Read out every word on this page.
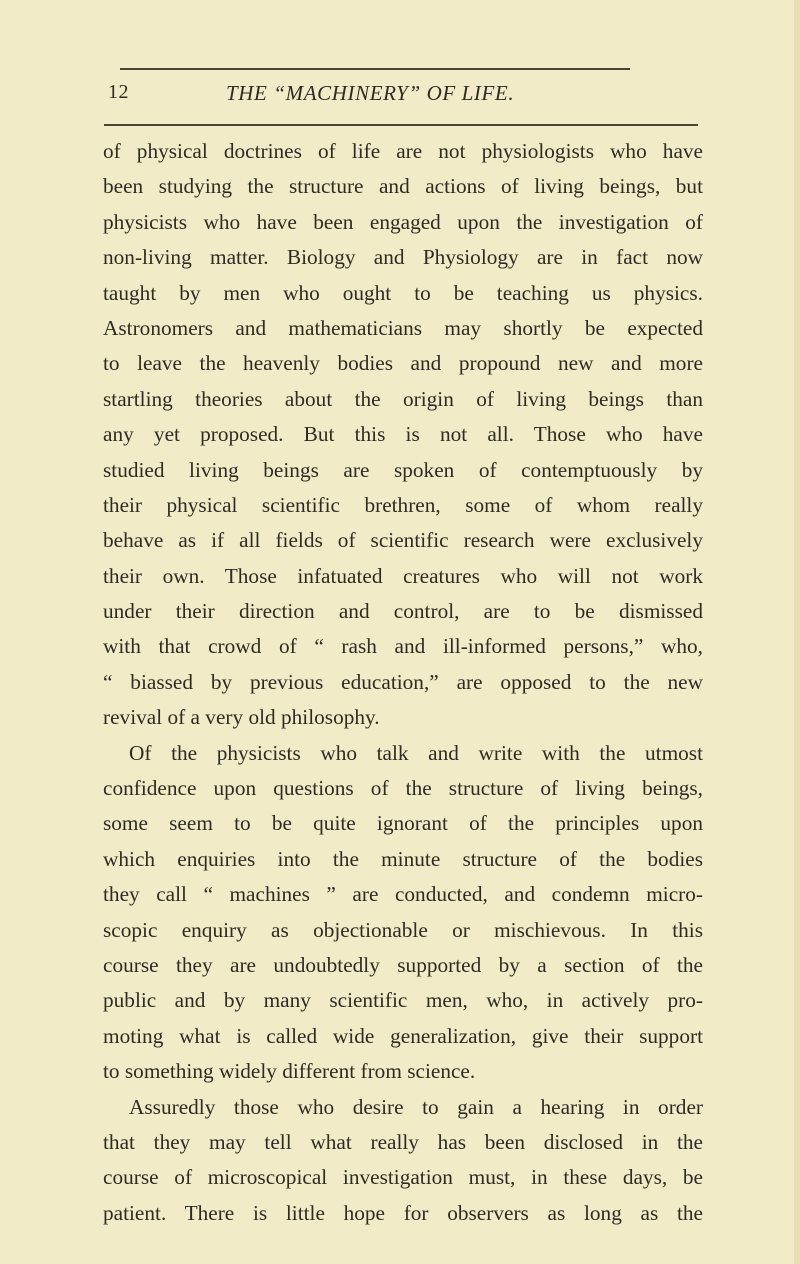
12	THE “MACHINERY” OF LIFE.
of physical doctrines of life are not physiologists who have
been studying the structure and actions of living beings, but
physicists who have been engaged upon the investigation of
non-living matter. Biology and Physiology are in fact now
taught by men who ought to be teaching us physics.
Astronomers and mathematicians may shortly be expected
to leave the heavenly bodies and propound new and more
startling theories about the origin of living beings than
any yet proposed. But this is not all. Those who have
studied living beings are spoken of contemptuously by
their physical scientific brethren, some of whom really
behave as if all fields of scientific research were exclusively
their own. Those infatuated creatures who will not work
under their direction and control, are to be dismissed
with that crowd of “ rash and ill-informed persons,” who,
“ biassed by previous education,” are opposed to the new
revival of a very old philosophy.
Of the physicists who talk and write with the utmost
confidence upon questions of the structure of living beings,
some seem to be quite ignorant of the principles upon
which enquiries into the minute structure of the bodies
they call “ machines ” are conducted, and condemn micro-
scopic enquiry as objectionable or mischievous. In this
course they are undoubtedly supported by a section of the
public and by many scientific men, who, in actively pro-
moting what is called wide generalization, give their support
to something widely different from science.
Assuredly those who desire to gain a hearing in order
that they may tell what really has been disclosed in the
course of microscopical investigation must, in these days, be
patient. There is little hope for observers as long as the
